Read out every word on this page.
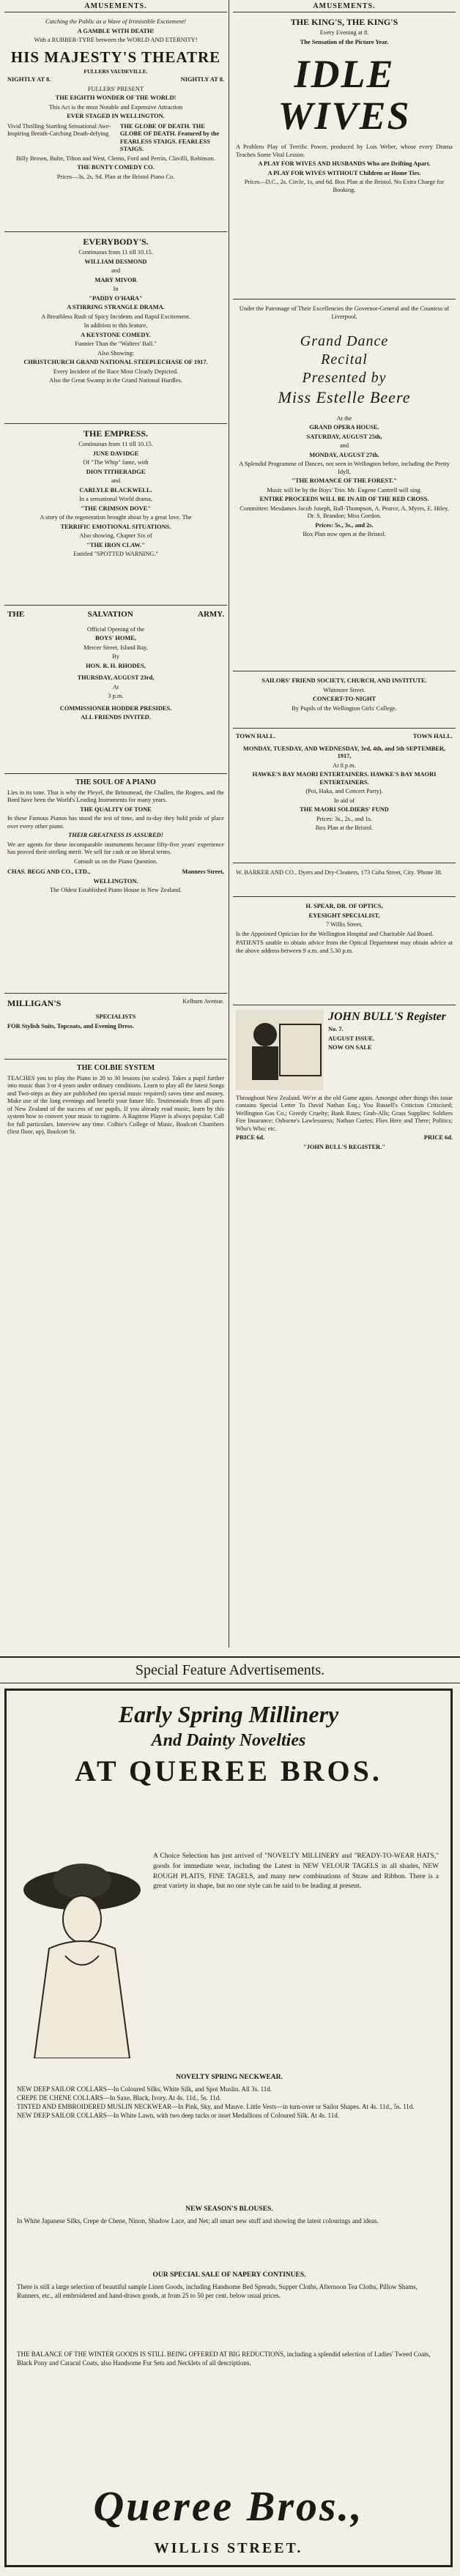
AMUSEMENTS.

Catching the Public as a Wave of Irresistible Excitement!

A GAMBLE WITH DEATH!

With a RUBBER-TYRE between the WORLD AND ETERNITY!

HIS MAJESTY'S THEATRE

FULLERS VAUDEVILLE.

NIGHTLY AT 8.	NIGHTLY AT 8.

FULLERS' PRESENT

THE EIGHTH WONDER OF THE WORLD!

This Act is the most Notable and Expensive Attraction

EVER STAGED IN WELLINGTON.

Vivid Thrilling Startling Sensational Awe-Inspiring Breath-Catching Death-defying
THE GLOBE OF DEATH. THE GLOBE OF DEATH. Featured by the FEARLESS STAIGS. FEARLESS STAIGS.

Billy Brown, Bulte, Tilton and West, Clemo, Ford and Perrin, Clavilli, Robinson.

THE BUNTY COMEDY CO.

Prices—3s, 2s, Sd. Plan at the Bristol Piano Co.

EVERYBODY'S.

Continuous from 11 till 10.15.

WILLIAM DESMOND

and

MARY MIVOR

In

"PADDY O'HARA"

A STIRRING STRANGLE DRAMA.

A Breathless Rush of Spicy Incidents and Rapid Excitement.

In addition to this feature,

A KEYSTONE COMEDY.

Funnier Than the "Walters' Ball."

Also Showing:

CHRISTCHURCH GRAND NATIONAL STEEPLECHASE OF 1917.

Every Incident of the Race Most Clearly Depicted.

Also the Great Swamp in the Grand National Hurdles.

THE EMPRESS.

Continuous from 11 till 10.15.

JUNE DAVIDGE

Of "The Whip" fame, with

DION TITHERADGE

and

CARLYLE BLACKWELL.

In a sensational World drama,

"THE CRIMSON DOVE"

A story of the regeneration brought about by a great love. The

TERRIFIC EMOTIONAL SITUATIONS.

Also showing, Chapter Six of

"THE IRON CLAW."

Entitled "SPOTTED WARNING."

THE	SALVATION	ARMY.

Official Opening of the

BOYS' HOME,

Mercer Street, Island Bay,

By

HON. R. H. RHODES,

THURSDAY, AUGUST 23rd,

At

3 p.m.

COMMISSIONER HODDER PRESIDES.

ALL FRIENDS INVITED.

THE SOUL OF A PIANO

Lies in its tone. That is why the Pleyel, the Brinsmead, the Challen, the Rogers, and the Bord have been the World's Leading Instruments for many years.

THE QUALITY OF TONE

In these Famous Pianos has stood the test of time, and to-day they hold pride of place over every other piano.

THEIR GREATNESS IS ASSURED!

We are agents for these incomparable instruments because fifty-five years' experience has proved their sterling merit. We sell for cash or on liberal terms.

Consult us on the Piano Question.

CHAS. BEGG AND CO., LTD.,	Manners Street,

WELLINGTON.

The Oldest Established Piano House in New Zealand.

MILLIGAN'S	Kelburn Avenue.

SPECIALISTS

FOR Stylish Suits, Topcoats, and Evening Dress.

THE COLBIE SYSTEM

TEACHES you to play the Piano in 20 to 30 lessons (no scales). Takes a pupil further into music than 3 or 4 years under ordinary conditions. Learn to play all the latest Songs and Two-steps as they are published (no special music required) saves time and money. Make use of the long evenings and benefit your future life. Testimonials from all parts of New Zealand of the success of our pupils. If you already read music, learn by this system how to convert your music to ragtime. A Ragtime Player is always popular. Call for full particulars. Interview any time. Colbie's College of Music, Boulcott Chambers (first floor, up), Boulcott St.

AMUSEMENTS.
THE KING'S, THE KING'S

Every Evening at 8.

The Sensation of the Picture Year.

IDLE WIVES

A Problem Play of Terrific Power, produced by Lois Weber, whose every Drama Teaches Some Vital Lesson.

A PLAY FOR WIVES AND HUSBANDS Who are Drifting Apart.

A PLAY FOR WIVES WITHOUT Children or Home Ties.

Prices—D.C., 2s. Circle, 1s, and 6d. Box Plan at the Bristol. No Extra Charge for Booking.

Under the Patronage of Their Excellencies the Governor-General and the Countess of Liverpool.

Grand Dance
Recital
Presented by
Miss Estelle Beere

At the

GRAND OPERA HOUSE.

SATURDAY, AUGUST 25th,

and

MONDAY, AUGUST 27th.

A Splendid Programme of Dances, not seen in Wellington before, including the Pretty Idyll,

"THE ROMANCE OF THE FOREST."

Music will be by the Boys' Trio. Mr. Eugene Cantrell will sing.

ENTIRE PROCEEDS WILL BE IN AID OF THE RED CROSS.

Committee: Mesdames Jacob Joseph, Ball-Thompson, A. Pearce, A. Myers, E. Hiley, Dr. S. Brandon; Miss Gordon.

Prices: 5s., 3s., and 2s.

Box Plan now open at the Bristol.

SAILORS' FRIEND SOCIETY, CHURCH, AND INSTITUTE.

Whitmore Street.

CONCERT-TO-NIGHT

By Pupils of the Wellington Girls' College.

TOWN HALL.	TOWN HALL.

MONDAY, TUESDAY, AND WEDNESDAY, 3rd, 4th, and 5th SEPTEMBER, 1917,

At 8 p.m.

HAWKE'S BAY MAORI ENTERTAINERS. HAWKE'S BAY MAORI ENTERTAINERS.

(Poi, Haka, and Concert Party).

In aid of

THE MAORI SOLDIERS' FUND

Prices: 3s., 2s., and 1s.

Box Plan at the Bristol.

W. BARKER AND CO., Dyers and Dry-Cleaners, 173 Cuba Street, City. 'Phone 38.

H. SPEAR, DR. OF OPTICS,

EYESIGHT SPECIALIST,

7 Willis Street,

Is the Appointed Optician for the Wellington Hospital and Charitable Aid Board.

PATIENTS unable to obtain advice from the Optical Department may obtain advice at the above address between 9 a.m. and 5.30 p.m.

JOHN BULL'S Register

No. 7.

AUGUST ISSUE.

NOW ON SALE

Throughout New Zealand. We're at the old Game again. Amongst other things this issue contains Special Letter To David Nathan Esq.; You Russell's Criticism Criticised; Wellington Gas Co.; Greedy Cruelty; Bank Rates; Grab-Alls; Grass Supplies: Soldiers Fire Insurance; Osborne's Lawlessness; Nathan Cortes; Flies Here and There; Politics; Who's Who; etc.

PRICE 6d.	PRICE 6d.

"JOHN BULL'S REGISTER."

Special Feature Advertisements.
Early Spring Millinery
And Dainty Novelties
AT QUEREE BROS.
A Choice Selection has just arrived of "NOVELTY MILLINERY and "READY-TO-WEAR HATS," goods for immediate wear, including the Latest in NEW VELOUR TAGELS in all shades, NEW ROUGH PLAITS, FINE TAGELS, and many new combinations of Straw and Ribbon. There is a great variety in shape, but no one style can be said to be leading at present.
NOVELTY SPRING NECKWEAR.
NEW DEEP SAILOR COLLARS—In Coloured Silks, White Silk, and Spot Muslin. All 3s. 11d.
CREPE DE CHENE COLLARS—In Saxe, Black, Ivory. At 4s. 11d., 5s. 11d.
TINTED AND EMBROIDERED MUSLIN NECKWEAR—In Pink, Sky, and Mauve. Little Vests—in turn-over or Sailor Shapes. At 4s. 11d., 5s. 11d.
NEW DEEP SAILOR COLLARS—In White Lawn, with two deep tucks or inset Medallions of Coloured Silk. At 4s. 11d.
NEW SEASON'S BLOUSES.
In White Japanese Silks, Crepe de Chene, Ninon, Shadow Lace, and Net; all smart new stuff and showing the latest colourings and ideas.
OUR SPECIAL SALE OF NAPERY CONTINUES.
There is still a large selection of beautiful sample Linen Goods, including Handsome Bed Spreads, Supper Cloths, Afternoon Tea Cloths, Pillow Shams, Runners, etc., all embroidered and hand-drawn goods, at from 25 to 50 per cent. below usual prices.
THE BALANCE OF THE WINTER GOODS IS STILL BEING OFFERED AT BIG REDUCTIONS, including a splendid selection of Ladies' Tweed Coats, Black Pony and Caracul Coats, also Handsome Fur Sets and Necklets of all descriptions.
Queree Bros.,
WILLIS STREET.
